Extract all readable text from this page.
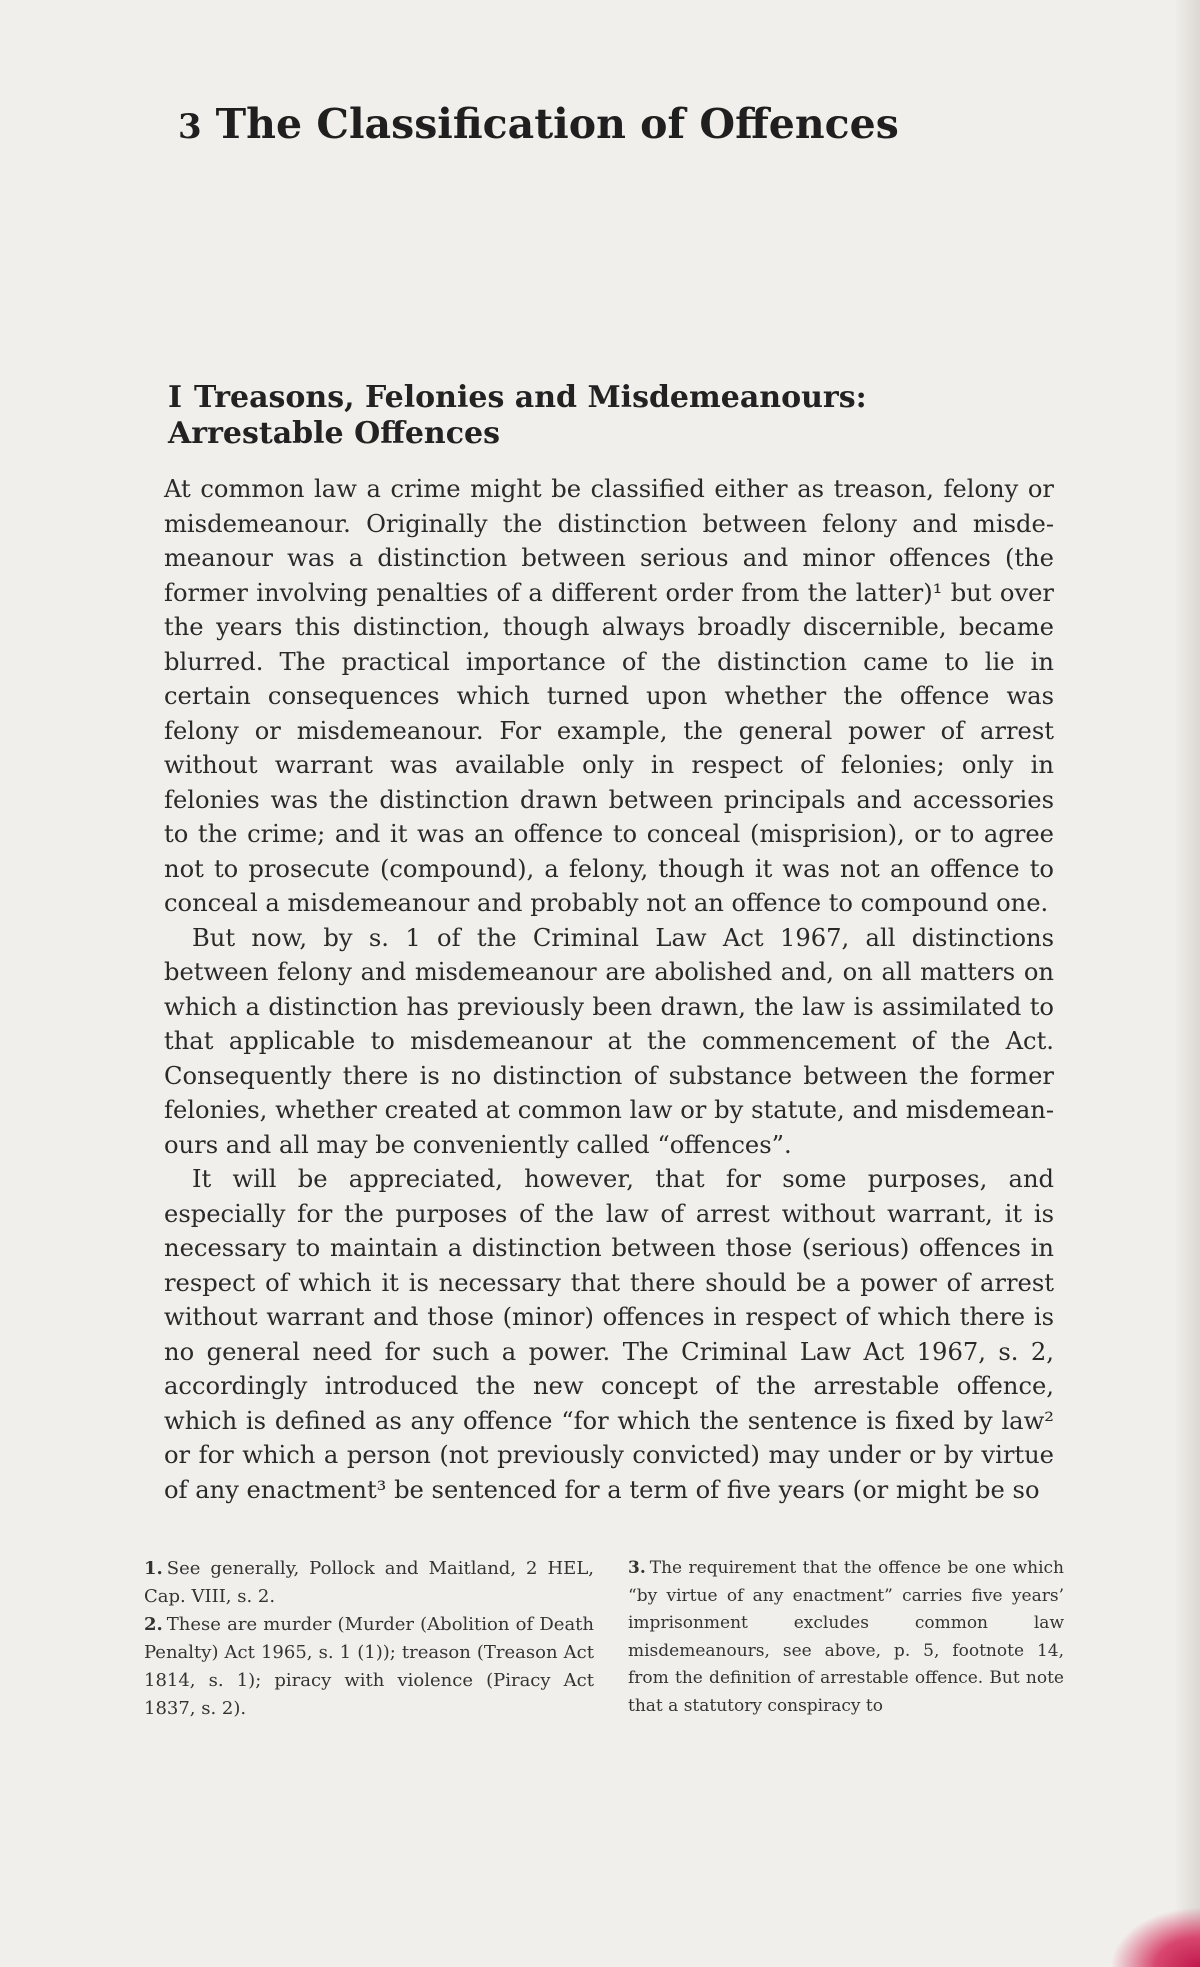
3 The Classification of Offences
I Treasons, Felonies and Misdemeanours:
Arrestable Offences

At common law a crime might be classified either as treason, felony or misdemeanour. Originally the distinction between felony and misde- meanour was a distinction between serious and minor offences (the former involving penalties of a different order from the latter)¹ but over the years this distinction, though always broadly discernible, became blurred. The practical importance of the distinction came to lie in certain consequences which turned upon whether the offence was felony or misdemeanour. For example, the general power of arrest without warrant was available only in respect of felonies; only in felonies was the distinction drawn between principals and accessories to the crime; and it was an offence to conceal (misprision), or to agree not to prosecute (compound), a felony, though it was not an offence to conceal a misdemeanour and probably not an offence to compound one.

But now, by s. 1 of the Criminal Law Act 1967, all distinctions between felony and misdemeanour are abolished and, on all matters on which a distinction has previously been drawn, the law is assimilated to that applicable to misdemeanour at the commencement of the Act. Consequently there is no distinction of substance between the former felonies, whether created at common law or by statute, and misdemean- ours and all may be conveniently called “offences”.

It will be appreciated, however, that for some purposes, and especially for the purposes of the law of arrest without warrant, it is necessary to maintain a distinction between those (serious) offences in respect of which it is necessary that there should be a power of arrest without warrant and those (minor) offences in respect of which there is no general need for such a power. The Criminal Law Act 1967, s. 2, accordingly introduced the new concept of the arrestable offence, which is defined as any offence “for which the sentence is fixed by law² or for which a person (not previously convicted) may under or by virtue of any enactment³ be sentenced for a term of five years (or might be so

1. See generally, Pollock and Maitland, 2 HEL, Cap. VIII, s. 2.

2. These are murder (Murder (Abolition of Death Penalty) Act 1965, s. 1 (1)); treason (Treason Act 1814, s. 1); piracy with violence (Piracy Act 1837, s. 2).

3. The requirement that the offence be one which “by virtue of any enactment” carries five years’ imprisonment excludes common law misdemeanours, see above, p. 5, footnote 14, from the definition of arrestable offence. But note that a statutory conspiracy to
